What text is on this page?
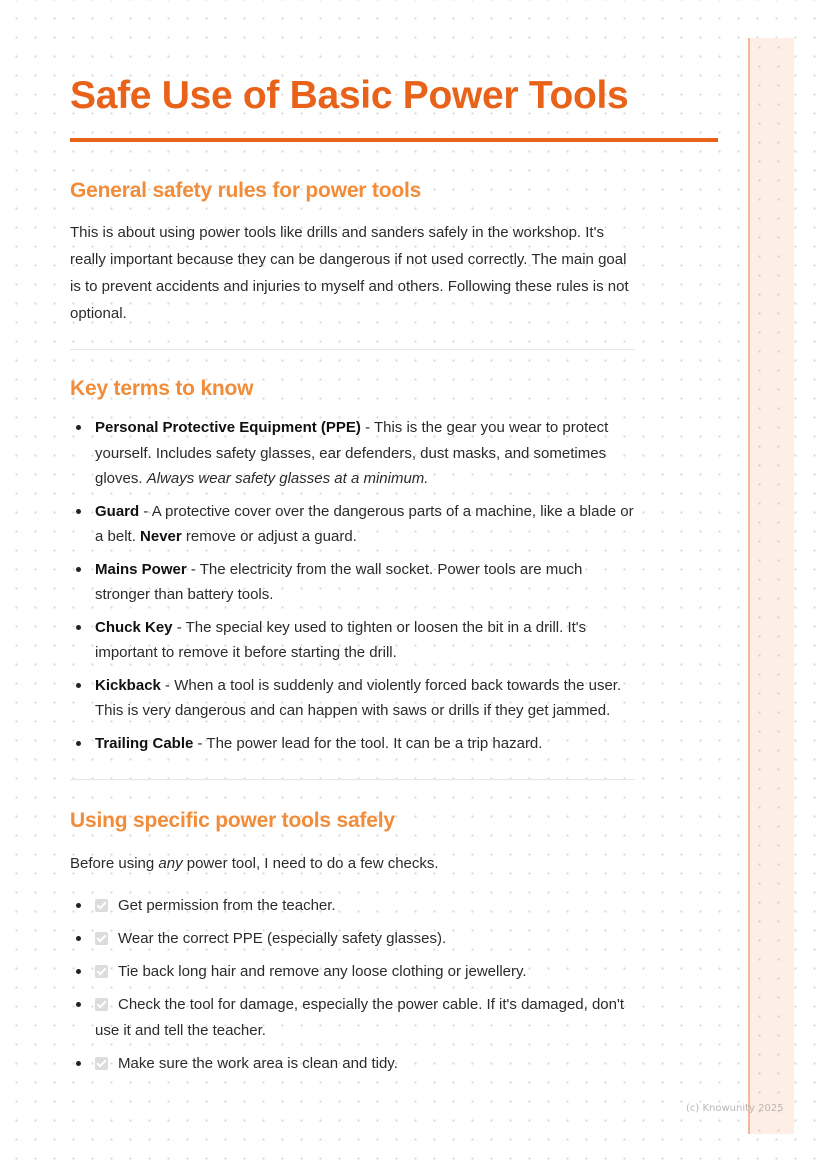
Safe Use of Basic Power Tools
General safety rules for power tools

This is about using power tools like drills and sanders safely in the workshop. It's really important because they can be dangerous if not used correctly. The main goal is to prevent accidents and injuries to myself and others. Following these rules is not optional.

Key terms to know
Personal Protective Equipment (PPE) - This is the gear you wear to protect yourself. Includes safety glasses, ear defenders, dust masks, and sometimes gloves. Always wear safety glasses at a minimum.
Guard - A protective cover over the dangerous parts of a machine, like a blade or a belt. Never remove or adjust a guard.
Mains Power - The electricity from the wall socket. Power tools are much stronger than battery tools.
Chuck Key - The special key used to tighten or loosen the bit in a drill. It's important to remove it before starting the drill.
Kickback - When a tool is suddenly and violently forced back towards the user. This is very dangerous and can happen with saws or drills if they get jammed.
Trailing Cable - The power lead for the tool. It can be a trip hazard.
Using specific power tools safely

Before using any power tool, I need to do a few checks.

Get permission from the teacher.
Wear the correct PPE (especially safety glasses).
Tie back long hair and remove any loose clothing or jewellery.
Check the tool for damage, especially the power cable. If it's damaged, don't use it and tell the teacher.
Make sure the work area is clean and tidy.
(c) Knowunity 2025
